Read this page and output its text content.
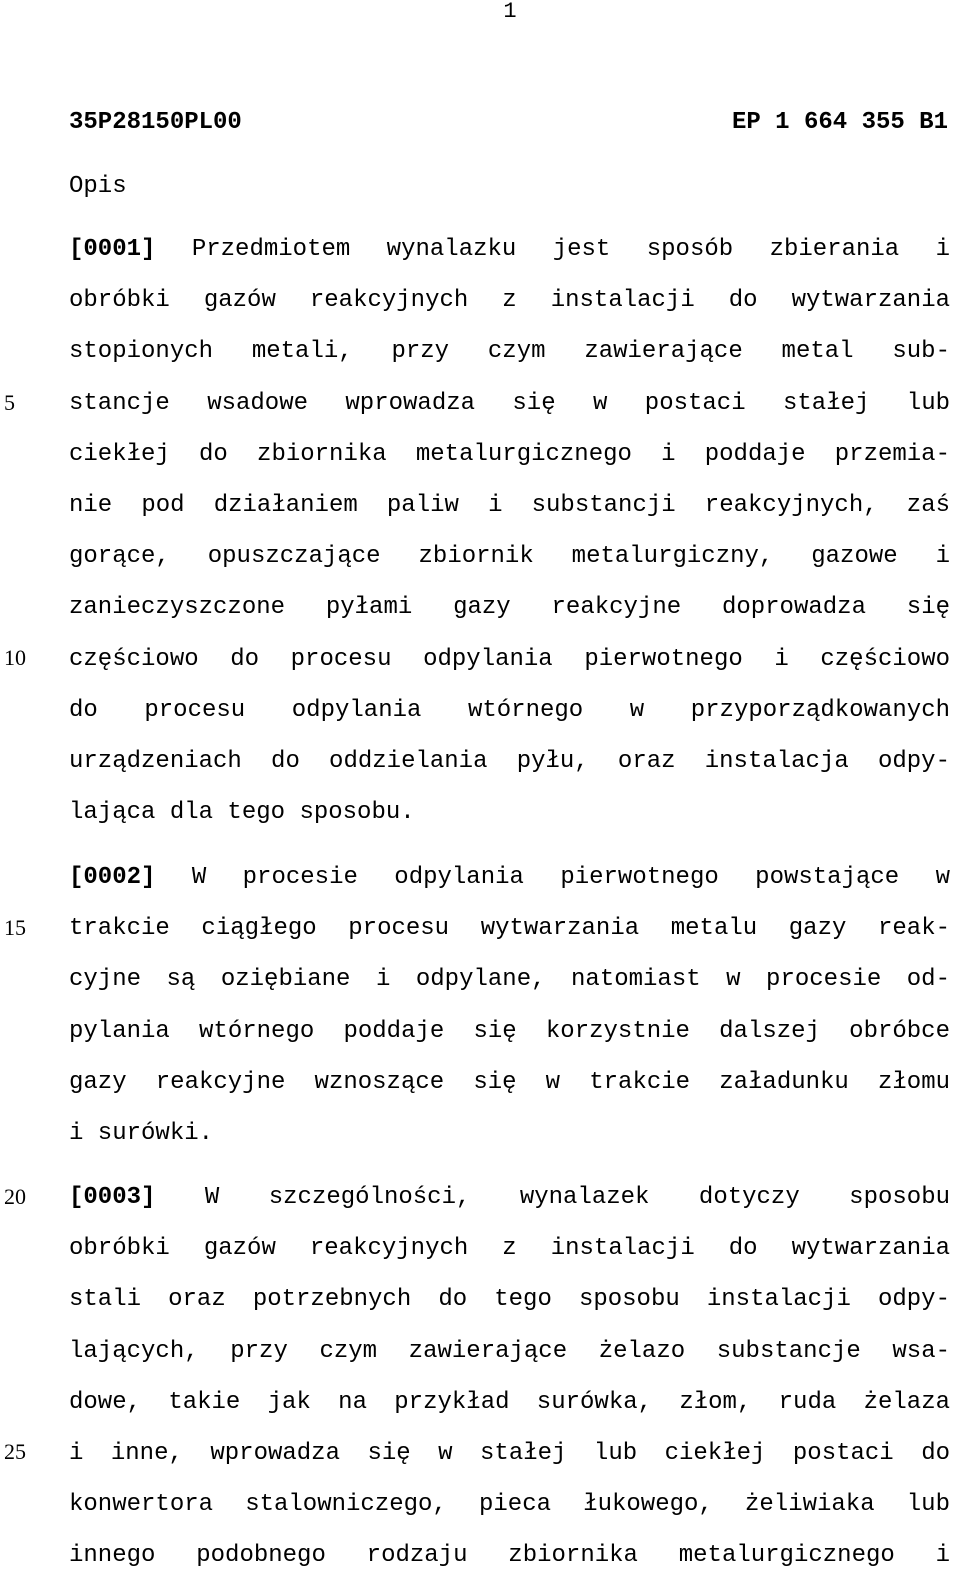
1
35P28150PL00	EP 1 664 355 B1
Opis
5
10
15
20
25
[0001] Przedmiotem wynalazku jest sposób zbierania i
obróbki gazów reakcyjnych z instalacji do wytwarzania
stopionych metali, przy czym zawierające metal sub-
stancje wsadowe wprowadza się w postaci stałej lub
ciekłej do zbiornika metalurgicznego i poddaje przemia-
nie pod działaniem paliw i substancji reakcyjnych, zaś
gorące, opuszczające zbiornik metalurgiczny, gazowe i
zanieczyszczone pyłami gazy reakcyjne doprowadza się
częściowo do procesu odpylania pierwotnego i częściowo
do procesu odpylania wtórnego w przyporządkowanych
urządzeniach do oddzielania pyłu, oraz instalacja odpy-
lająca dla tego sposobu.
[0002] W procesie odpylania pierwotnego powstające w
trakcie ciągłego procesu wytwarzania metalu gazy reak-
cyjne są oziębiane i odpylane, natomiast w procesie od-
pylania wtórnego poddaje się korzystnie dalszej obróbce
gazy reakcyjne wznoszące się w trakcie załadunku złomu
i surówki.
[0003] W szczególności, wynalazek dotyczy sposobu
obróbki gazów reakcyjnych z instalacji do wytwarzania
stali oraz potrzebnych do tego sposobu instalacji odpy-
lających, przy czym zawierające żelazo substancje wsa-
dowe, takie jak na przykład surówka, złom, ruda żelaza
i inne, wprowadza się w stałej lub ciekłej postaci do
konwertora stalowniczego, pieca łukowego, żeliwiaka lub
innego podobnego rodzaju zbiornika metalurgicznego i
